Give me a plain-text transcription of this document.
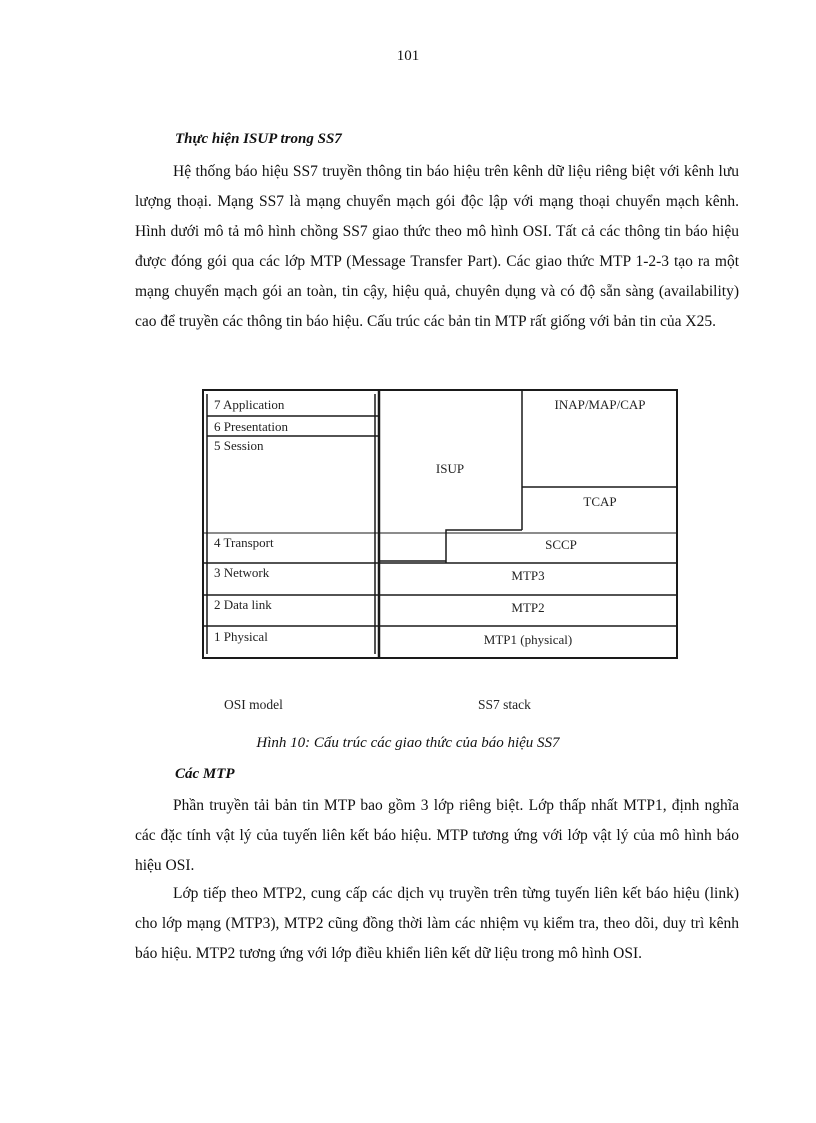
101
Thực hiện ISUP trong SS7

Hệ thống báo hiệu SS7 truyền thông tin báo hiệu trên kênh dữ liệu riêng biệt với kênh lưu lượng thoại. Mạng SS7 là mạng chuyển mạch gói độc lập với mạng thoại chuyển mạch kênh. Hình dưới mô tả mô hình chồng SS7 giao thức theo mô hình OSI. Tất cả các thông tin báo hiệu được đóng gói qua các lớp MTP (Message Transfer Part). Các giao thức MTP 1-2-3 tạo ra một mạng chuyển mạch gói an toàn, tin cậy, hiệu quả, chuyên dụng và có độ sẵn sàng (availability) cao để truyền các thông tin báo hiệu. Cấu trúc các bản tin MTP rất giống với bản tin của X25.

7 Application
6 Presentation
5 Session
4 Transport
3 Network
2 Data link
1 Physical
INAP/MAP/CAP
ISUP
TCAP
SCCP
MTP3
MTP2
MTP1 (physical)
OSI model	SS7 stack
Hình 10: Cấu trúc các giao thức của báo hiệu SS7
Các MTP

Phần truyền tải bản tin MTP bao gồm 3 lớp riêng biệt. Lớp thấp nhất MTP1, định nghĩa các đặc tính vật lý của tuyến liên kết báo hiệu. MTP tương ứng với lớp vật lý của mô hình báo hiệu OSI.

Lớp tiếp theo MTP2, cung cấp các dịch vụ truyền trên từng tuyến liên kết báo hiệu (link) cho lớp mạng (MTP3), MTP2 cũng đồng thời làm các nhiệm vụ kiểm tra, theo dõi, duy trì kênh báo hiệu. MTP2 tương ứng với lớp điều khiển liên kết dữ liệu trong mô hình OSI.
